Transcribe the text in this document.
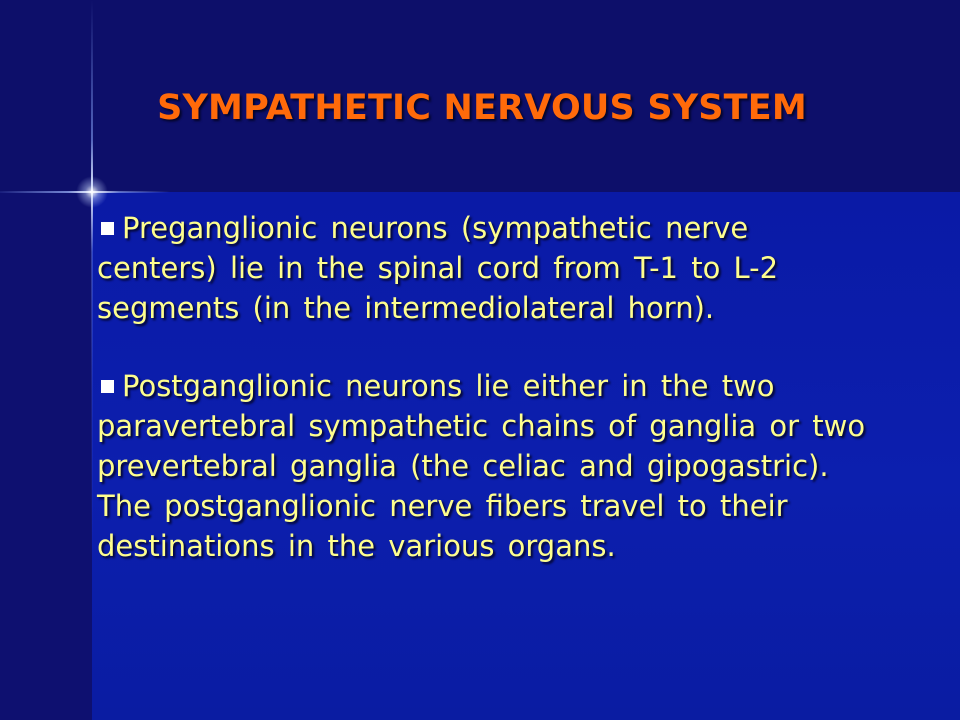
SYMPATHETIC NERVOUS SYSTEM

Preganglionic neurons (sympathetic nerve centers) lie in the spinal cord from T-1 to L-2 segments (in the intermediolateral horn).

Postganglionic neurons lie either in the two paravertebral sympathetic chains of ganglia or two prevertebral ganglia (the celiac and gipogastric). The postganglionic nerve fibers travel to their destinations in the various organs.
